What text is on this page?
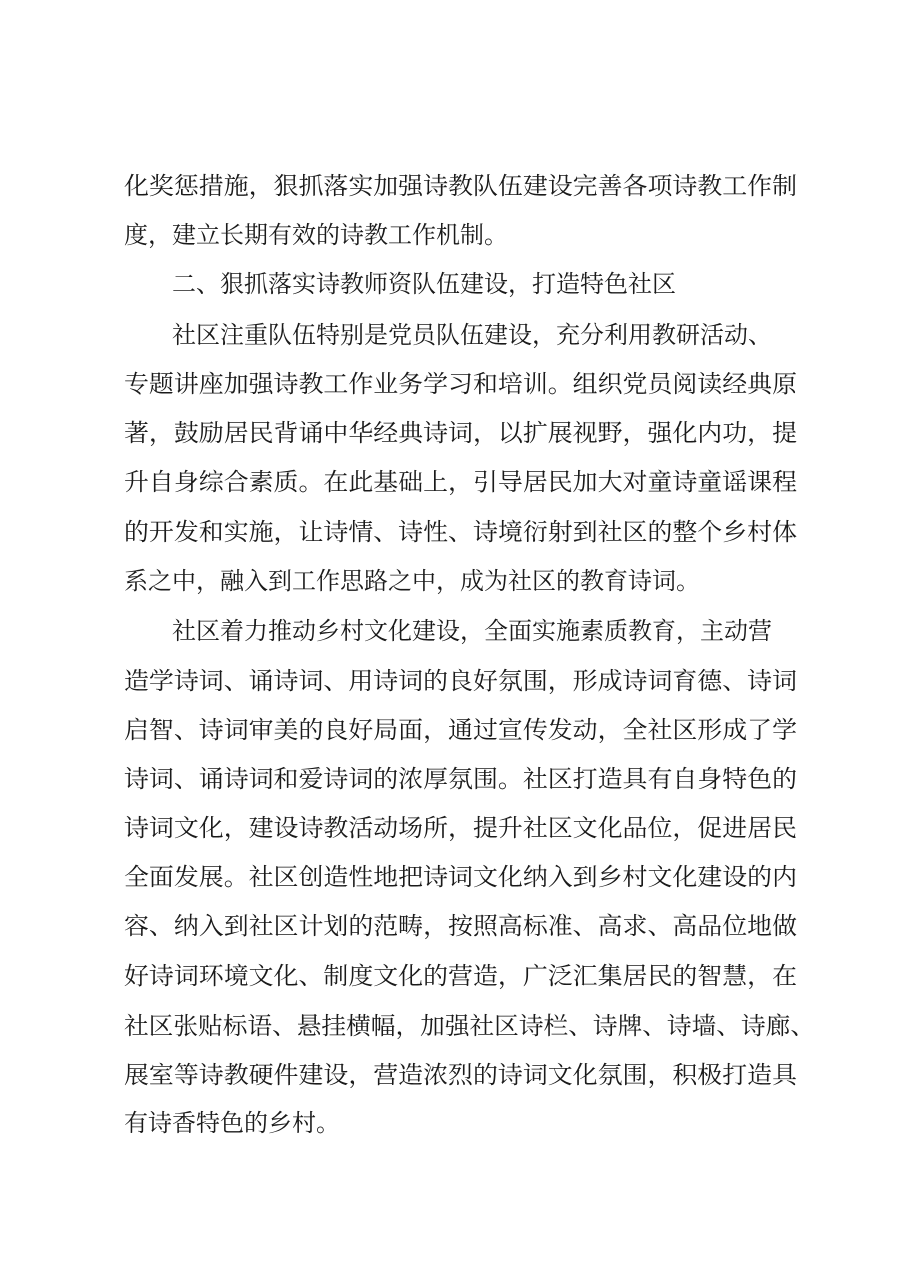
化奖惩措施，狠抓落实加强诗教队伍建设完善各项诗教工作制

度，建立长期有效的诗教工作机制。

　　二、狠抓落实诗教师资队伍建设，打造特色社区

　　社区注重队伍特别是党员队伍建设，充分利用教研活动、

专题讲座加强诗教工作业务学习和培训。组织党员阅读经典原

著，鼓励居民背诵中华经典诗词，以扩展视野，强化内功，提

升自身综合素质。在此基础上，引导居民加大对童诗童谣课程

的开发和实施，让诗情、诗性、诗境衍射到社区的整个乡村体

系之中，融入到工作思路之中，成为社区的教育诗词。

　　社区着力推动乡村文化建设，全面实施素质教育，主动营

造学诗词、诵诗词、用诗词的良好氛围，形成诗词育德、诗词

启智、诗词审美的良好局面，通过宣传发动，全社区形成了学

诗词、诵诗词和爱诗词的浓厚氛围。社区打造具有自身特色的

诗词文化，建设诗教活动场所，提升社区文化品位，促进居民

全面发展。社区创造性地把诗词文化纳入到乡村文化建设的内

容、纳入到社区计划的范畴，按照高标准、高求、高品位地做

好诗词环境文化、制度文化的营造，广泛汇集居民的智慧，在

社区张贴标语、悬挂横幅，加强社区诗栏、诗牌、诗墙、诗廊、

展室等诗教硬件建设，营造浓烈的诗词文化氛围，积极打造具

有诗香特色的乡村。
